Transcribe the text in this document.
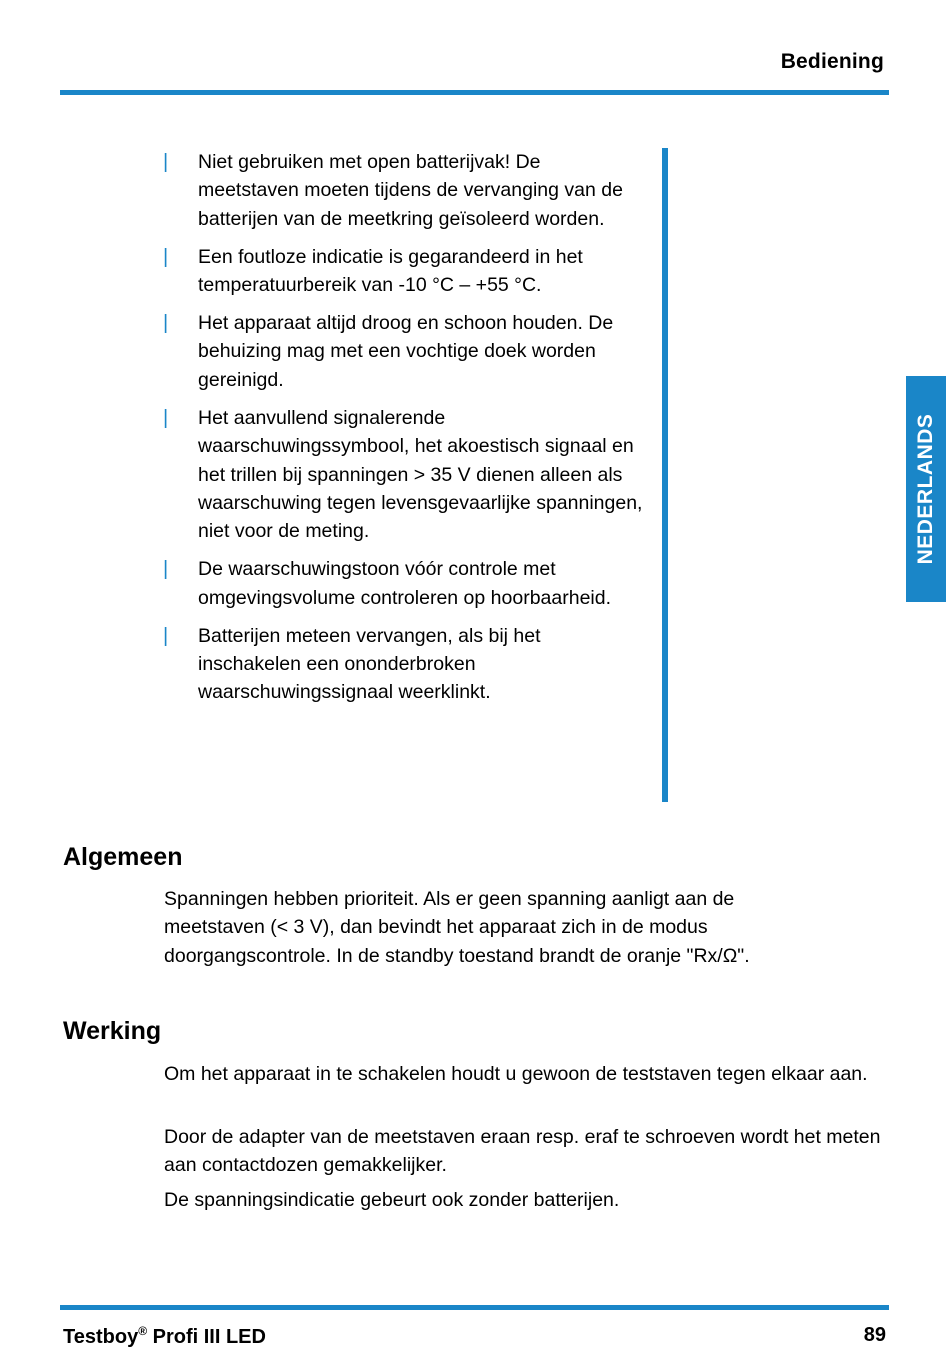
Bediening
| Niet gebruiken met open batterijvak! De meetstaven moeten tijdens de vervanging van de batterijen van de meetkring geïsoleerd worden.
| Een foutloze indicatie is gegarandeerd in het temperatuurbereik van -10 °C – +55 °C.
| Het apparaat altijd droog en schoon houden. De behuizing mag met een vochtige doek worden gereinigd.
| Het aanvullend signalerende waarschuwingssymbool, het akoestisch signaal en het trillen bij spanningen > 35 V dienen alleen als waarschuwing tegen levensgevaarlijke spanningen, niet voor de meting.
| De waarschuwingstoon vóór controle met omgevingsvolume controleren op hoorbaarheid.
| Batterijen meteen vervangen, als bij het inschakelen een ononderbroken waarschuwingssignaal weerklinkt.
NEDERLANDS
Algemeen

Spanningen hebben prioriteit. Als er geen spanning aanligt aan de meetstaven (< 3 V), dan bevindt het apparaat zich in de modus doorgangscontrole. In de standby toestand brandt de oranje "Rx/Ω".

Werking

Om het apparaat in te schakelen houdt u gewoon de teststaven tegen elkaar aan.

Door de adapter van de meetstaven eraan resp. eraf te schroeven wordt het meten aan contactdozen gemakkelijker.

De spanningsindicatie gebeurt ook zonder batterijen.

Testboy® Profi III LED	89
